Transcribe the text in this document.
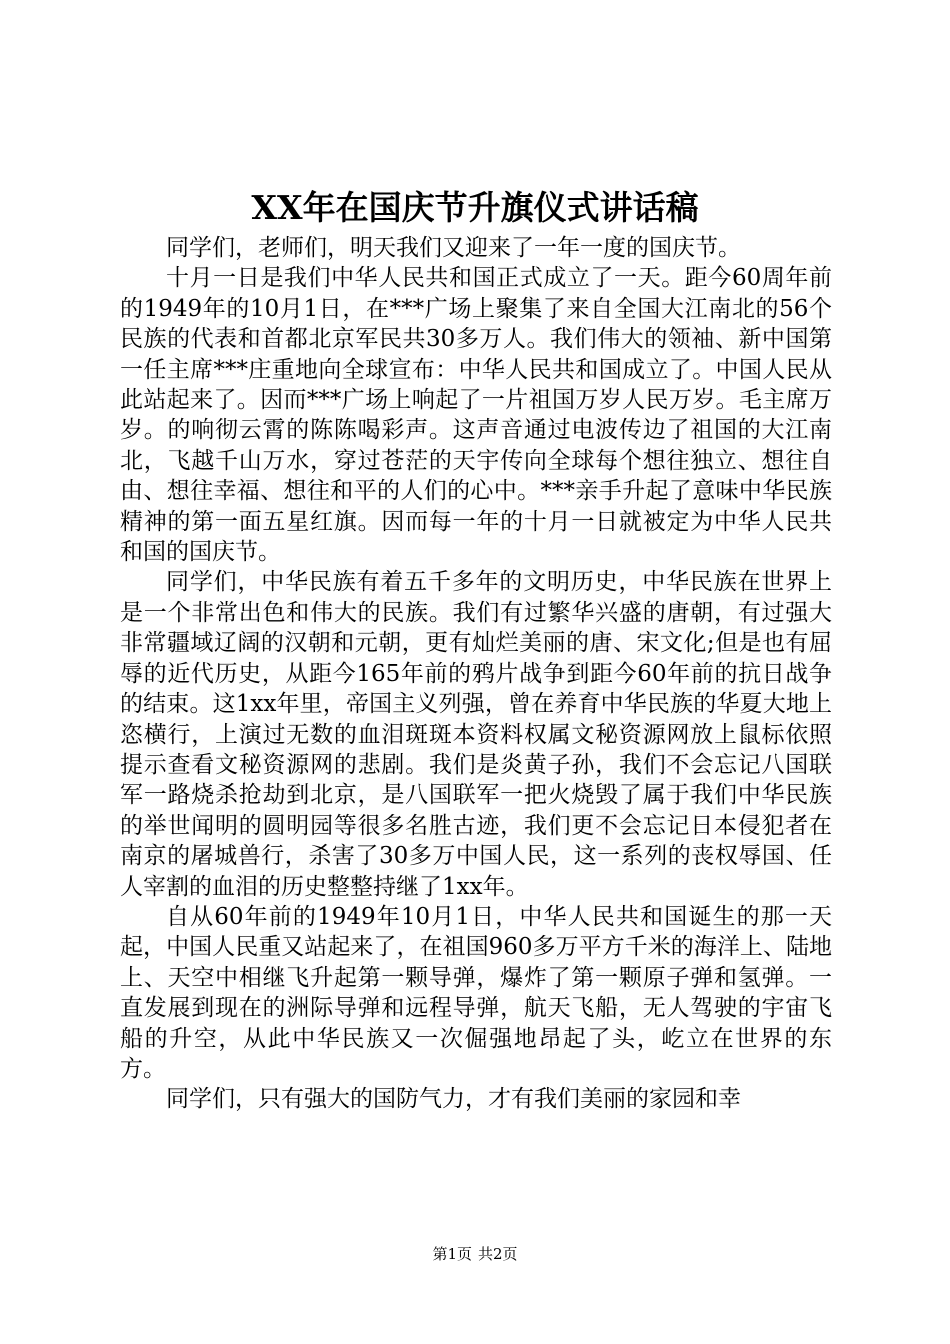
XX年在国庆节升旗仪式讲话稿

同学们，老师们，明天我们又迎来了一年一度的国庆节。

十月一日是我们中华人民共和国正式成立了一天。距今60周年前的1949年的10月1日，在***广场上聚集了来自全国大江南北的56个民族的代表和首都北京军民共30多万人。我们伟大的领袖、新中国第一任主席***庄重地向全球宣布：中华人民共和国成立了。中国人民从此站起来了。因而***广场上响起了一片祖国万岁人民万岁。毛主席万岁。的响彻云霄的陈陈喝彩声。这声音通过电波传边了祖国的大江南北，飞越千山万水，穿过苍茫的天宇传向全球每个想往独立、想往自由、想往幸福、想往和平的人们的心中。***亲手升起了意味中华民族精神的第一面五星红旗。因而每一年的十月一日就被定为中华人民共和国的国庆节。

同学们，中华民族有着五千多年的文明历史，中华民族在世界上是一个非常出色和伟大的民族。我们有过繁华兴盛的唐朝，有过强大非常疆域辽阔的汉朝和元朝，更有灿烂美丽的唐、宋文化;但是也有屈辱的近代历史，从距今165年前的鸦片战争到距今60年前的抗日战争的结束。这1xx年里，帝国主义列强，曾在养育中华民族的华夏大地上恣横行，上演过无数的血泪斑斑本资料权属文秘资源网放上鼠标依照提示查看文秘资源网的悲剧。我们是炎黄子孙，我们不会忘记八国联军一路烧杀抢劫到北京，是八国联军一把火烧毁了属于我们中华民族的举世闻明的圆明园等很多名胜古迹，我们更不会忘记日本侵犯者在南京的屠城兽行，杀害了30多万中国人民，这一系列的丧权辱国、任人宰割的血泪的历史整整持继了1xx年。

自从60年前的1949年10月1日，中华人民共和国诞生的那一天起，中国人民重又站起来了，在祖国960多万平方千米的海洋上、陆地上、天空中相继飞升起第一颗导弹，爆炸了第一颗原子弹和氢弹。一直发展到现在的洲际导弹和远程导弹，航天飞船，无人驾驶的宇宙飞船的升空，从此中华民族又一次倔强地昂起了头，屹立在世界的东方。

同学们，只有强大的国防气力，才有我们美丽的家园和幸

第1页 共2页
